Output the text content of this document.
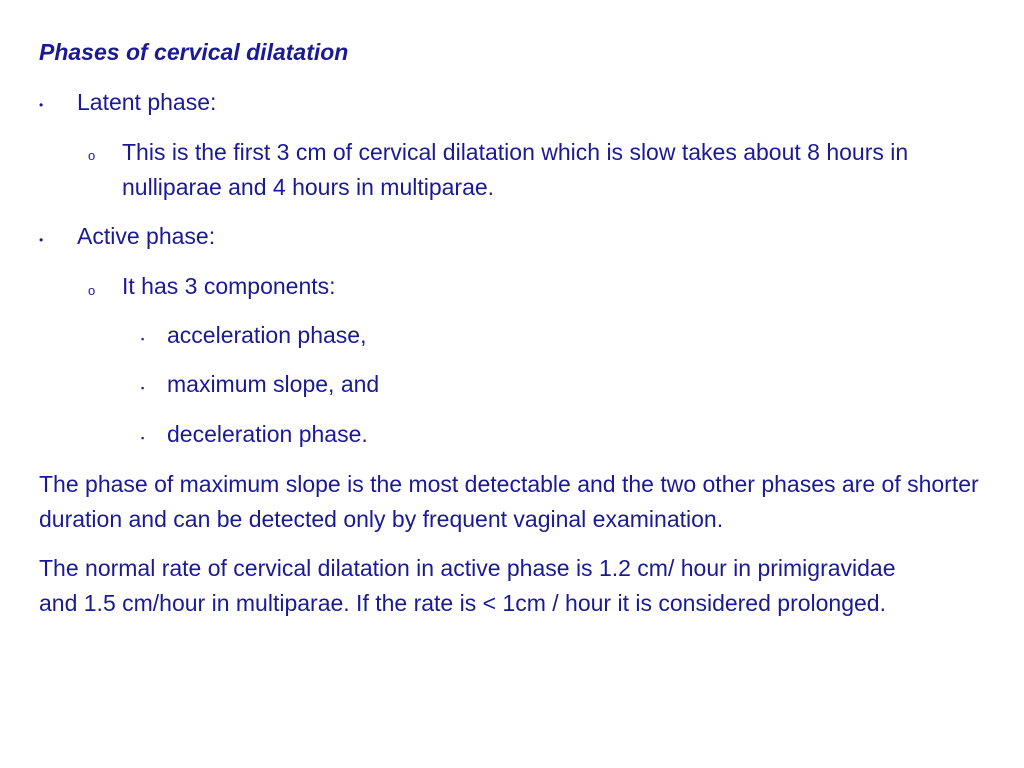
Phases of cervical dilatation
• Latent phase:
o This is the first 3 cm of cervical dilatation which is slow takes about 8 hours in nulliparae and 4 hours in multiparae.
• Active phase:
o It has 3 components:
▪ acceleration phase,
▪ maximum slope, and
▪ deceleration phase.
The phase of maximum slope is the most detectable and the two other phases are of shorter duration and can be detected only by frequent vaginal examination.
The normal rate of cervical dilatation in active phase is 1.2 cm/ hour in primigravidae and 1.5 cm/hour in multiparae. If the rate is < 1cm / hour it is considered prolonged.
